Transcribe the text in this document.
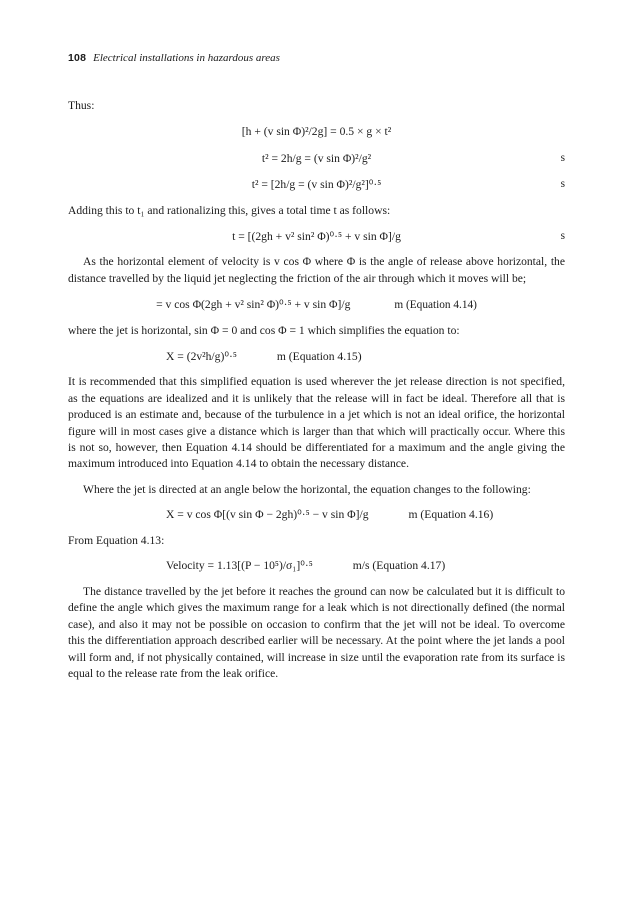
108 Electrical installations in hazardous areas

Thus:

[h + (v sin Φ)²/2g] = 0.5 × g × t²
t² = 2h/g = (v sin Φ)²/g²	s
t² = [2h/g = (v sin Φ)²/g²]⁰·⁵	s

Adding this to t₁ and rationalizing this, gives a total time t as follows:

t = [(2gh + v² sin² Φ)⁰·⁵ + v sin Φ]/g	s

As the horizontal element of velocity is v cos Φ where Φ is the angle of release above horizontal, the distance travelled by the liquid jet neglecting the friction of the air through which it moves will be;

= v cos Φ(2gh + v² sin² Φ)⁰·⁵ + v sin Φ]/g	m (Equation 4.14)

where the jet is horizontal, sin Φ = 0 and cos Φ = 1 which simplifies the equation to:

X = (2v²h/g)⁰·⁵	m (Equation 4.15)

It is recommended that this simplified equation is used wherever the jet release direction is not specified, as the equations are idealized and it is unlikely that the release will in fact be ideal. Therefore all that is produced is an estimate and, because of the turbulence in a jet which is not an ideal orifice, the horizontal figure will in most cases give a distance which is larger than that which will practically occur. Where this is not so, however, then Equation 4.14 should be differentiated for a maximum and the angle giving the maximum introduced into Equation 4.14 to obtain the necessary distance.

Where the jet is directed at an angle below the horizontal, the equation changes to the following:

X = v cos Φ[(v sin Φ − 2gh)⁰·⁵ − v sin Φ]/g	m (Equation 4.16)

From Equation 4.13:

Velocity = 1.13[(P − 10⁵)/σ₁]⁰·⁵	m/s (Equation 4.17)

The distance travelled by the jet before it reaches the ground can now be calculated but it is difficult to define the angle which gives the maximum range for a leak which is not directionally defined (the normal case), and also it may not be possible on occasion to confirm that the jet will not be ideal. To overcome this the differentiation approach described earlier will be necessary. At the point where the jet lands a pool will form and, if not physically contained, will increase in size until the evaporation rate from its surface is equal to the release rate from the leak orifice.
